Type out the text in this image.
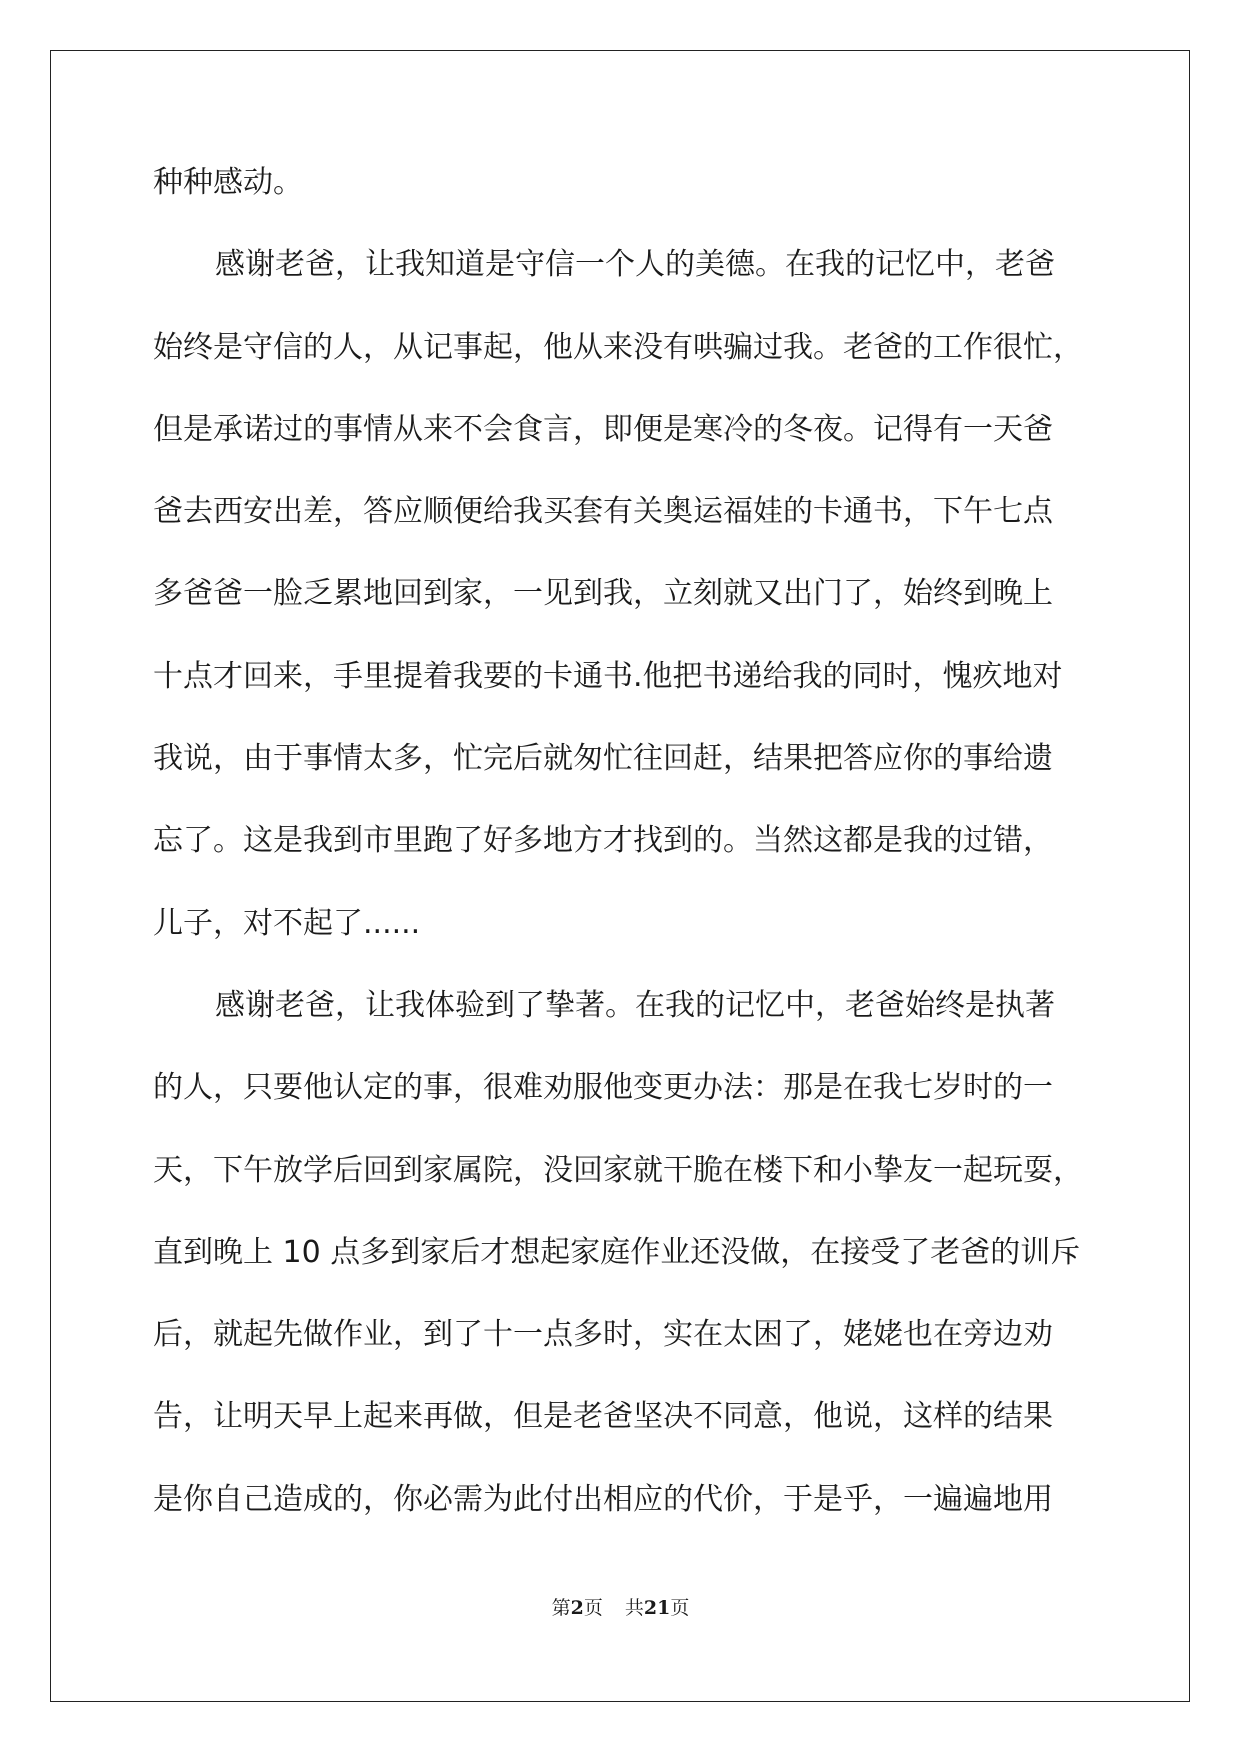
种种感动。
感谢老爸，让我知道是守信一个人的美德。在我的记忆中，老爸
始终是守信的人，从记事起，他从来没有哄骗过我。老爸的工作很忙，
但是承诺过的事情从来不会食言，即便是寒冷的冬夜。记得有一天爸
爸去西安出差，答应顺便给我买套有关奥运福娃的卡通书，下午七点
多爸爸一脸乏累地回到家，一见到我，立刻就又出门了，始终到晚上
十点才回来，手里提着我要的卡通书.他把书递给我的同时，愧疚地对
我说，由于事情太多，忙完后就匆忙往回赶，结果把答应你的事给遗
忘了。这是我到市里跑了好多地方才找到的。当然这都是我的过错，
儿子，对不起了......
感谢老爸，让我体验到了挚著。在我的记忆中，老爸始终是执著
的人，只要他认定的事，很难劝服他变更办法：那是在我七岁时的一
天，下午放学后回到家属院，没回家就干脆在楼下和小挚友一起玩耍，
直到晚上 10 点多到家后才想起家庭作业还没做，在接受了老爸的训斥
后，就起先做作业，到了十一点多时，实在太困了，姥姥也在旁边劝
告，让明天早上起来再做，但是老爸坚决不同意，他说，这样的结果
是你自己造成的，你必需为此付出相应的代价，于是乎，一遍遍地用
第2页 共21页
